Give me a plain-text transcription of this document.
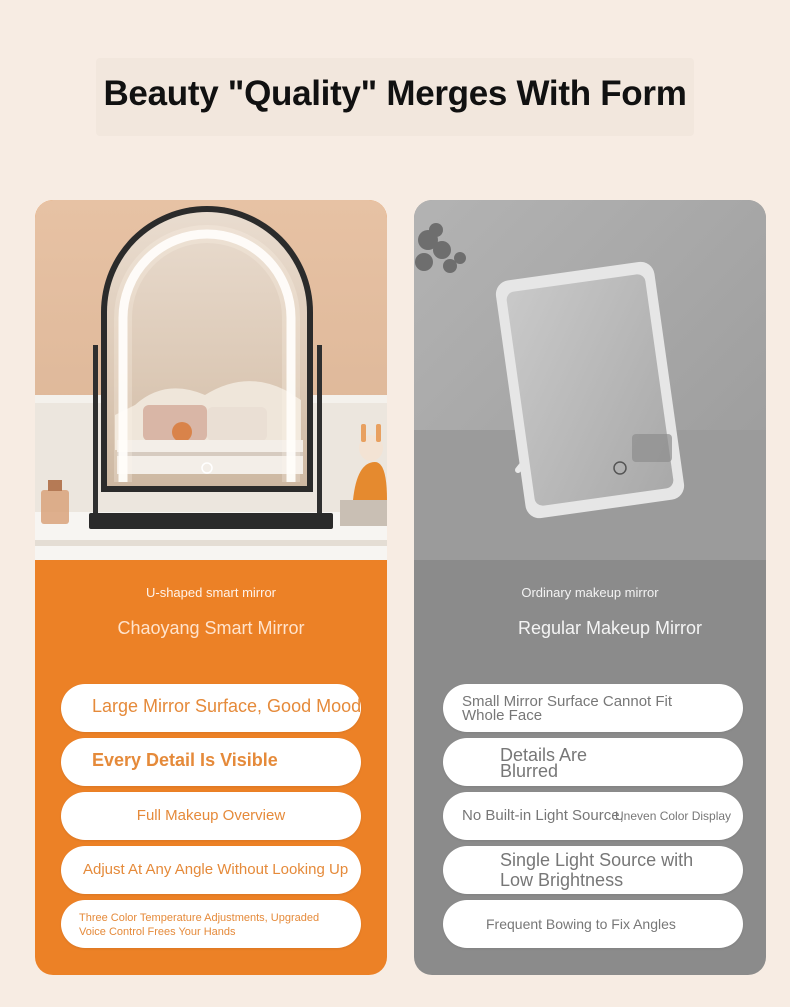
Beauty "Quality" Merges With Form
U-shaped smart mirror
Chaoyang Smart Mirror
Large Mirror Surface, Good Mood
Every Detail Is Visible
Full Makeup Overview
Adjust At Any Angle Without Looking Up
Three Color Temperature Adjustments, Upgraded
Voice Control Frees Your Hands
Ordinary makeup mirror
Regular Makeup Mirror
Small Mirror Surface Cannot Fit
Whole Face
Details Are
Blurred
No Built-in Light Source,
Uneven Color Display
Single Light Source with
Low Brightness
Frequent Bowing to Fix Angles
